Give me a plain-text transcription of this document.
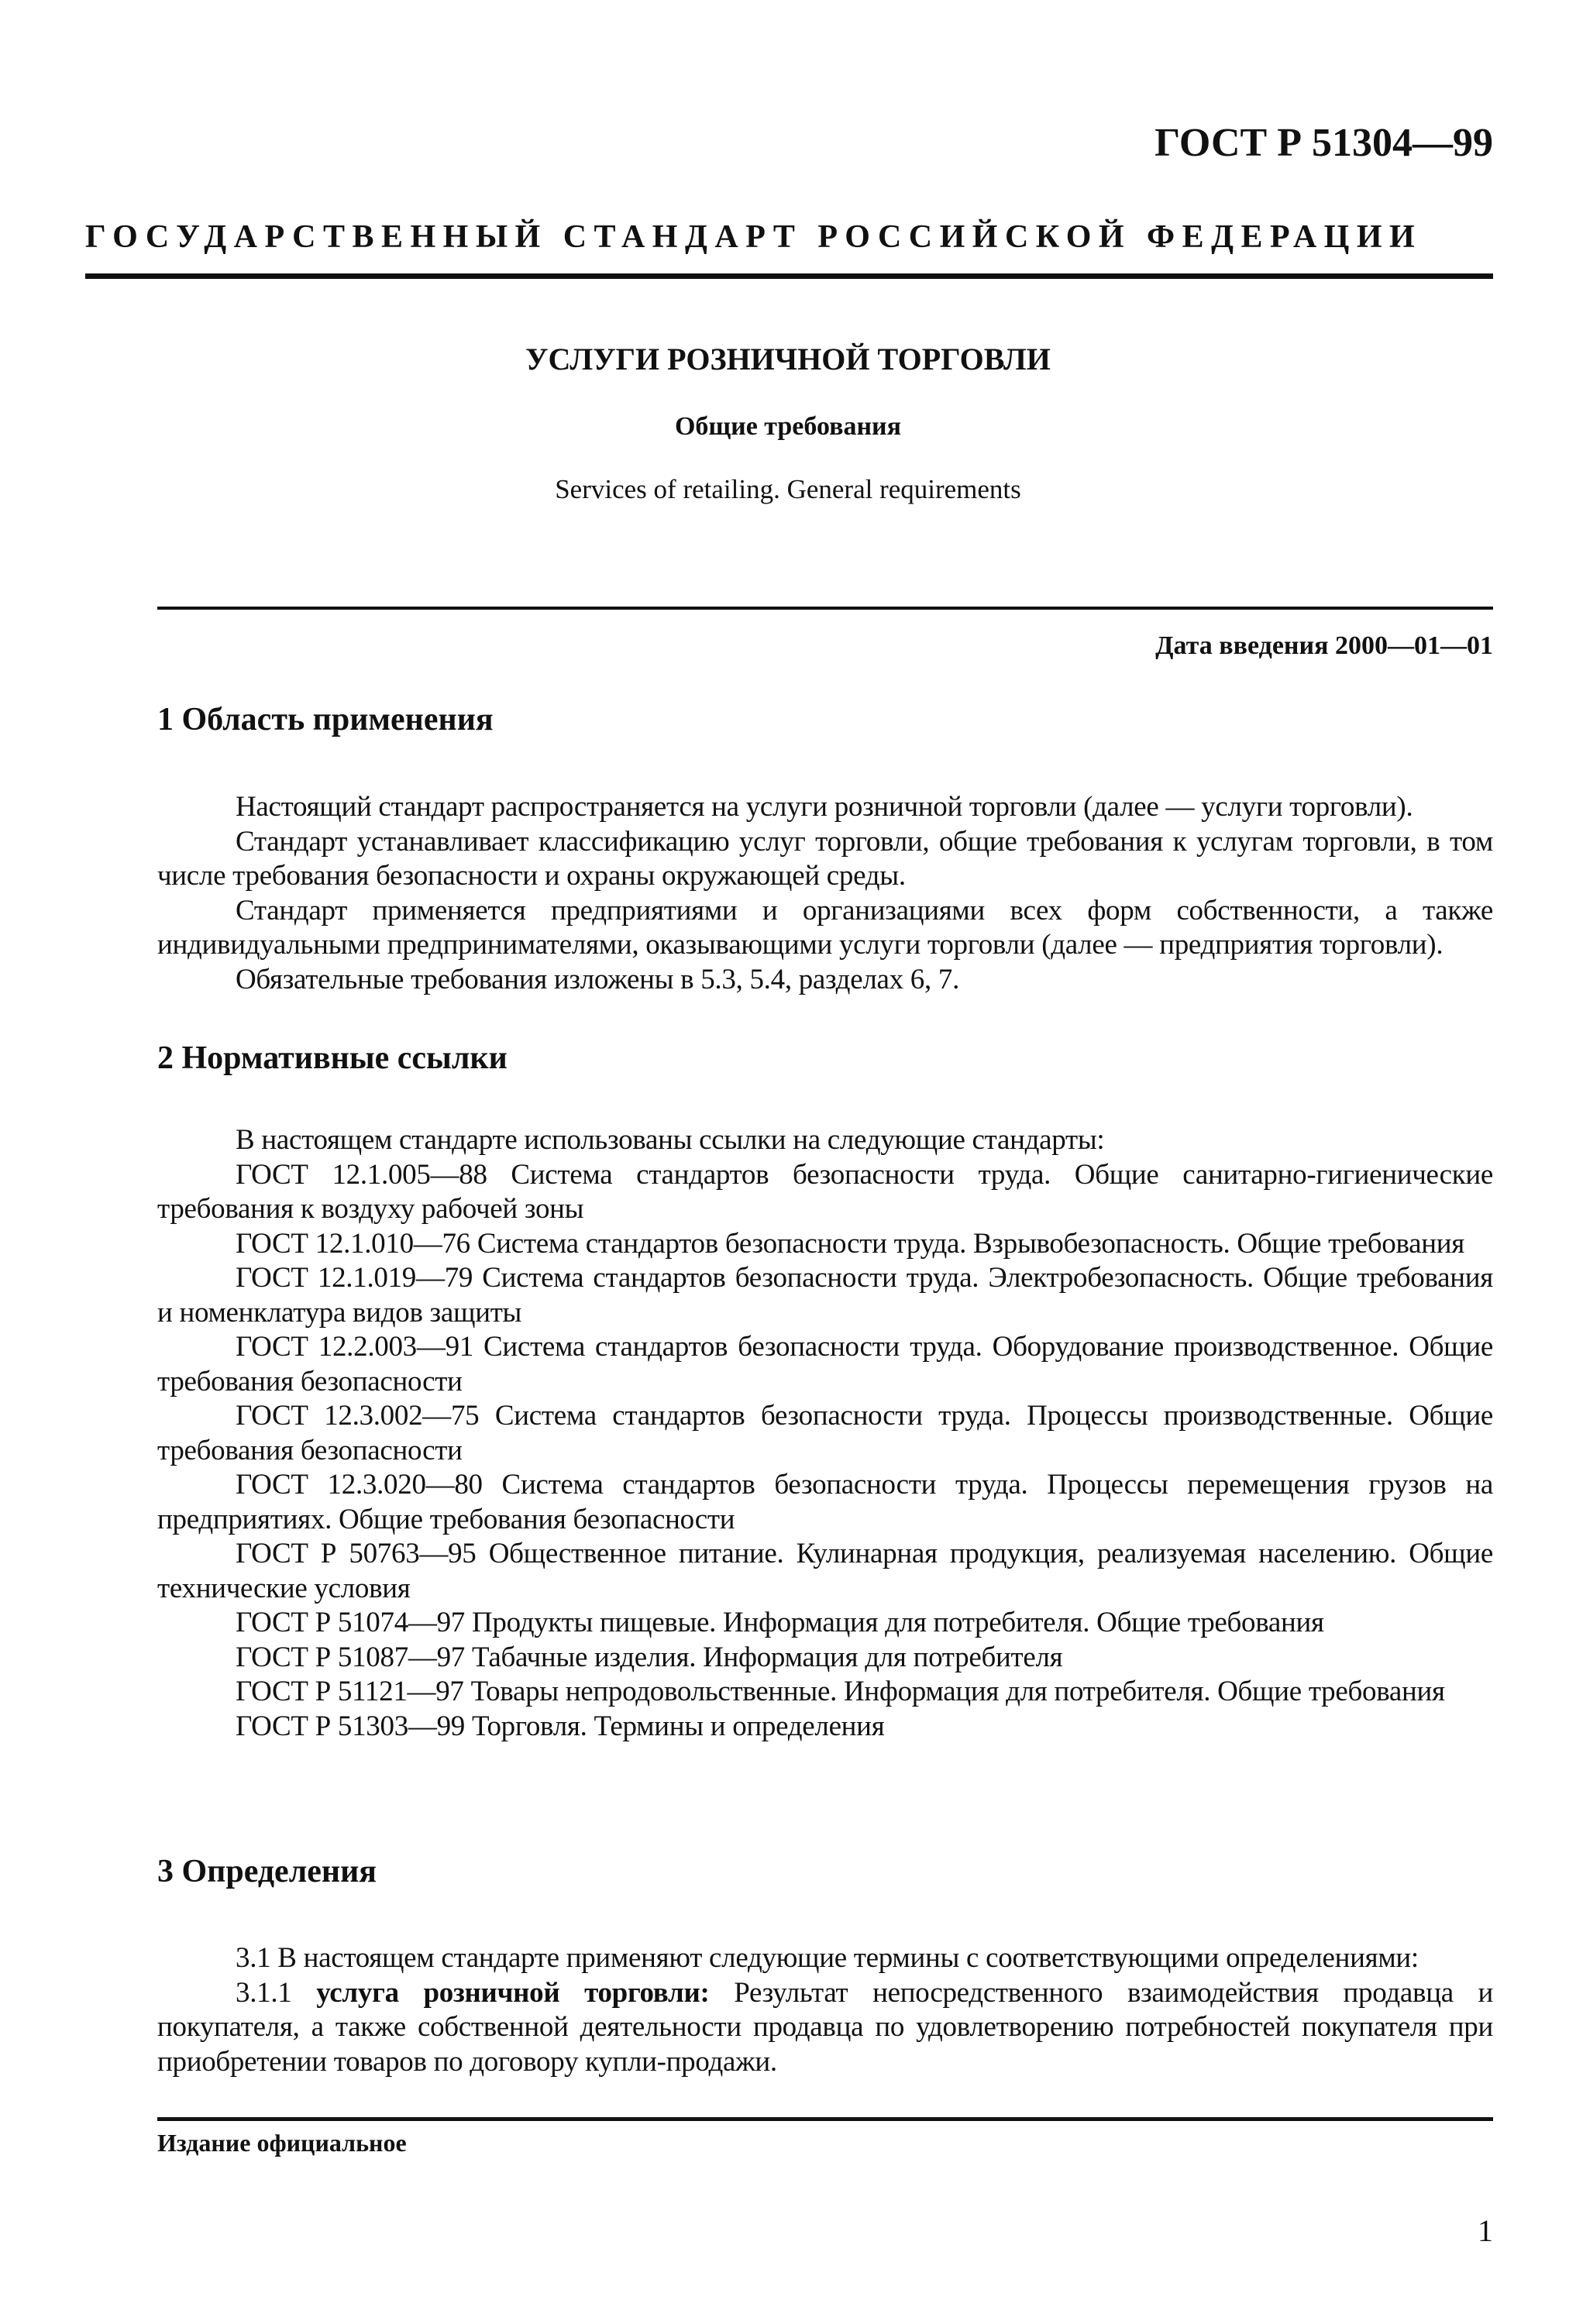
ГОСТ Р 51304—99
ГОСУДАРСТВЕННЫЙ СТАНДАРТ РОССИЙСКОЙ ФЕДЕРАЦИИ
УСЛУГИ РОЗНИЧНОЙ ТОРГОВЛИ
Общие требования
Services of retailing. General requirements
Дата введения 2000—01—01
1 Область применения

Настоящий стандарт распространяется на услуги розничной торговли (далее — услуги торговли).

Стандарт устанавливает классификацию услуг торговли, общие требования к услугам торговли, в том числе требования безопасности и охраны окружающей среды.

Стандарт применяется предприятиями и организациями всех форм собственности, а также индивидуальными предпринимателями, оказывающими услуги торговли (далее — предприятия торговли).

Обязательные требования изложены в 5.3, 5.4, разделах 6, 7.

2 Нормативные ссылки

В настоящем стандарте использованы ссылки на следующие стандарты:

ГОСТ 12.1.005—88 Система стандартов безопасности труда. Общие санитарно-гигиенические требования к воздуху рабочей зоны

ГОСТ 12.1.010—76 Система стандартов безопасности труда. Взрывобезопасность. Общие требования

ГОСТ 12.1.019—79 Система стандартов безопасности труда. Электробезопасность. Общие требования и номенклатура видов защиты

ГОСТ 12.2.003—91 Система стандартов безопасности труда. Оборудование производственное. Общие требования безопасности

ГОСТ 12.3.002—75 Система стандартов безопасности труда. Процессы производственные. Общие требования безопасности

ГОСТ 12.3.020—80 Система стандартов безопасности труда. Процессы перемещения грузов на предприятиях. Общие требования безопасности

ГОСТ Р 50763—95 Общественное питание. Кулинарная продукция, реализуемая населению. Общие технические условия

ГОСТ Р 51074—97 Продукты пищевые. Информация для потребителя. Общие требования

ГОСТ Р 51087—97 Табачные изделия. Информация для потребителя

ГОСТ Р 51121—97 Товары непродовольственные. Информация для потребителя. Общие требования

ГОСТ Р 51303—99 Торговля. Термины и определения

3 Определения

3.1 В настоящем стандарте применяют следующие термины с соответствующими определениями:

3.1.1 услуга розничной торговли: Результат непосредственного взаимодействия продавца и покупателя, а также собственной деятельности продавца по удовлетворению потребностей покупателя при приобретении товаров по договору купли-продажи.

Издание официальное
1
